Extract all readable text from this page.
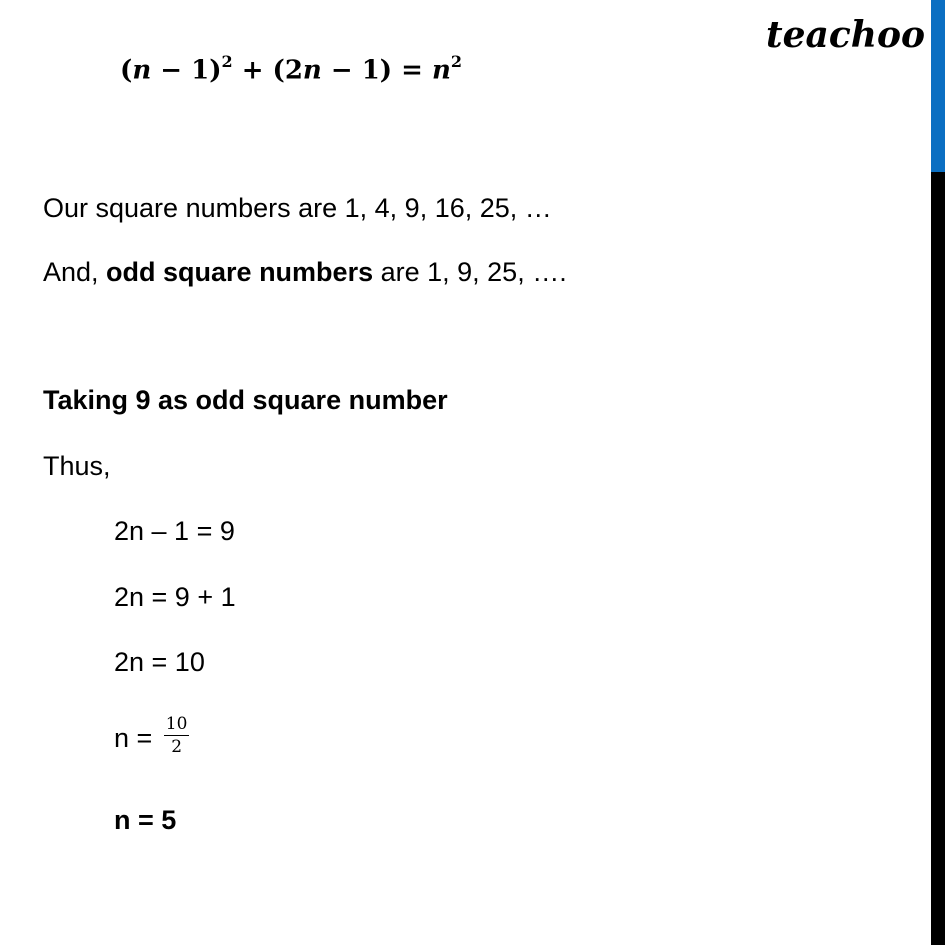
teachoo
$(n - 1)^2 + (2n - 1) = n^2$
Our square numbers are 1, 4, 9, 16, 25, …
And, odd square numbers are 1, 9, 25, ….
Taking 9 as odd square number
Thus,
2n – 1 = 9
2n = 9 + 1
2n = 10
$n = \frac{10}{2}$
n = 5
